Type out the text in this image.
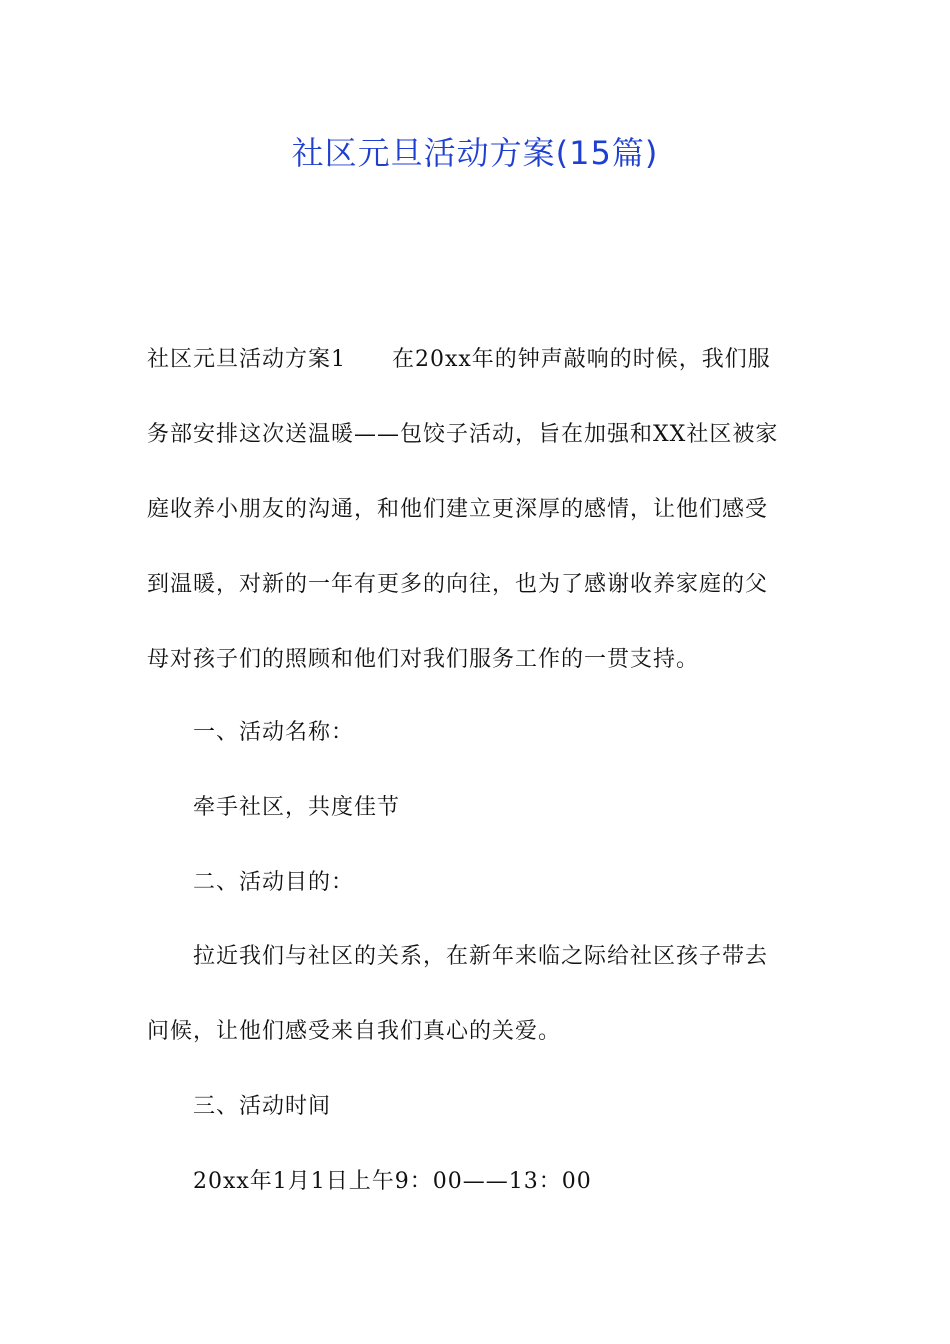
社区元旦活动方案(15篇)
社区元旦活动方案1　　在20xx年的钟声敲响的时候，我们服
务部安排这次送温暖——包饺子活动，旨在加强和XX社区被家
庭收养小朋友的沟通，和他们建立更深厚的感情，让他们感受
到温暖，对新的一年有更多的向往，也为了感谢收养家庭的父
母对孩子们的照顾和他们对我们服务工作的一贯支持。
一、活动名称：
牵手社区，共度佳节
二、活动目的：
拉近我们与社区的关系，在新年来临之际给社区孩子带去
问候，让他们感受来自我们真心的关爱。
三、活动时间
20xx年1月1日上午9：00——13：00
